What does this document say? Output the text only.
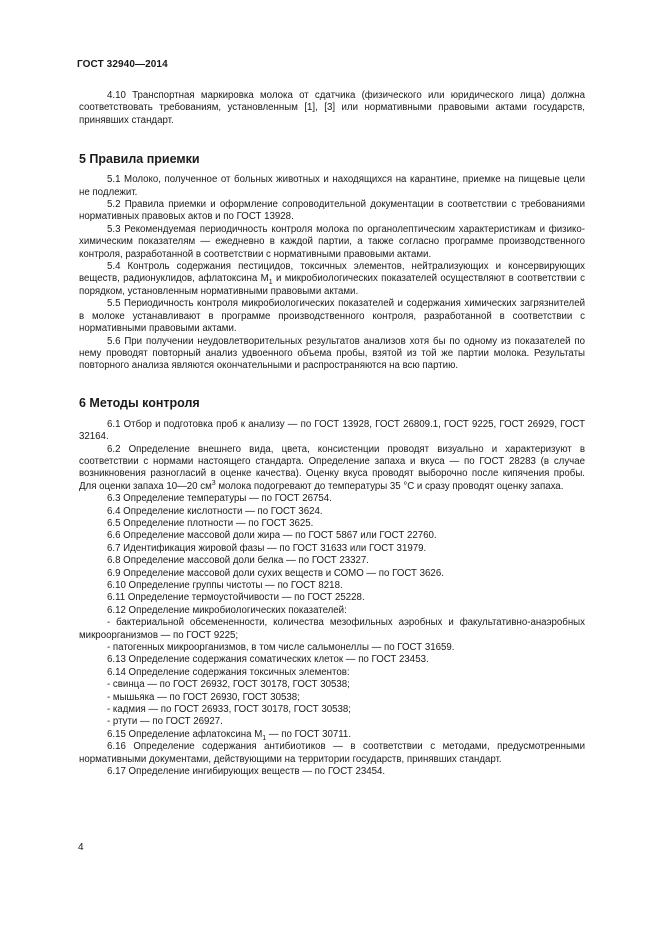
ГОСТ 32940—2014

4.10 Транспортная маркировка молока от сдатчика (физического или юридического лица) должна соответствовать требованиям, установленным [1], [3] или нормативными правовыми актами государств, принявших стандарт.

5 Правила приемки

5.1 Молоко, полученное от больных животных и находящихся на карантине, приемке на пищевые цели не подлежит.

5.2 Правила приемки и оформление сопроводительной документации в соответствии с требованиями нормативных правовых актов и по ГОСТ 13928.

5.3 Рекомендуемая периодичность контроля молока по органолептическим характеристикам и физико-химическим показателям — ежедневно в каждой партии, а также согласно программе производственного контроля, разработанной в соответствии с нормативными правовыми актами.

5.4 Контроль содержания пестицидов, токсичных элементов, нейтрализующих и консервирующих веществ, радионуклидов, афлатоксина $М_1$ и микробиологических показателей осуществляют в соответствии с порядком, установленным нормативными правовыми актами.

5.5 Периодичность контроля микробиологических показателей и содержания химических загрязнителей в молоке устанавливают в программе производственного контроля, разработанной в соответствии с нормативными правовыми актами.

5.6 При получении неудовлетворительных результатов анализов хотя бы по одному из показателей по нему проводят повторный анализ удвоенного объема пробы, взятой из той же партии молока. Результаты повторного анализа являются окончательными и распространяются на всю партию.

6 Методы контроля

6.1 Отбор и подготовка проб к анализу — по ГОСТ 13928, ГОСТ 26809.1, ГОСТ 9225, ГОСТ 26929, ГОСТ 32164.

6.2 Определение внешнего вида, цвета, консистенции проводят визуально и характеризуют в соответствии с нормами настоящего стандарта. Определение запаха и вкуса — по ГОСТ 28283 (в случае возникновения разногласий в оценке качества). Оценку вкуса проводят выборочно после кипячения пробы. Для оценки запаха 10—20 $см^3$ молока подогревают до температуры 35 °С и сразу проводят оценку запаха.

6.3 Определение температуры — по ГОСТ 26754.

6.4 Определение кислотности — по ГОСТ 3624.

6.5 Определение плотности — по ГОСТ 3625.

6.6 Определение массовой доли жира — по ГОСТ 5867 или ГОСТ 22760.

6.7 Идентификация жировой фазы — по ГОСТ 31633 или ГОСТ 31979.

6.8 Определение массовой доли белка — по ГОСТ 23327.

6.9 Определение массовой доли сухих веществ и СОМО — по ГОСТ 3626.

6.10 Определение группы чистоты — по ГОСТ 8218.

6.11 Определение термоустойчивости — по ГОСТ 25228.

6.12 Определение микробиологических показателей:

- бактериальной обсемененности, количества мезофильных аэробных и факультативно-анаэробных микроорганизмов — по ГОСТ 9225;

- патогенных микроорганизмов, в том числе сальмонеллы — по ГОСТ 31659.

6.13 Определение содержания соматических клеток — по ГОСТ 23453.

6.14 Определение содержания токсичных элементов:

- свинца — по ГОСТ 26932, ГОСТ 30178, ГОСТ 30538;

- мышьяка — по ГОСТ 26930, ГОСТ 30538;

- кадмия — по ГОСТ 26933, ГОСТ 30178, ГОСТ 30538;

- ртути — по ГОСТ 26927.

6.15 Определение афлатоксина $М_1$ — по ГОСТ 30711.

6.16 Определение содержания антибиотиков — в соответствии с методами, предусмотренными нормативными документами, действующими на территории государств, принявших стандарт.

6.17 Определение ингибирующих веществ — по ГОСТ 23454.

4
